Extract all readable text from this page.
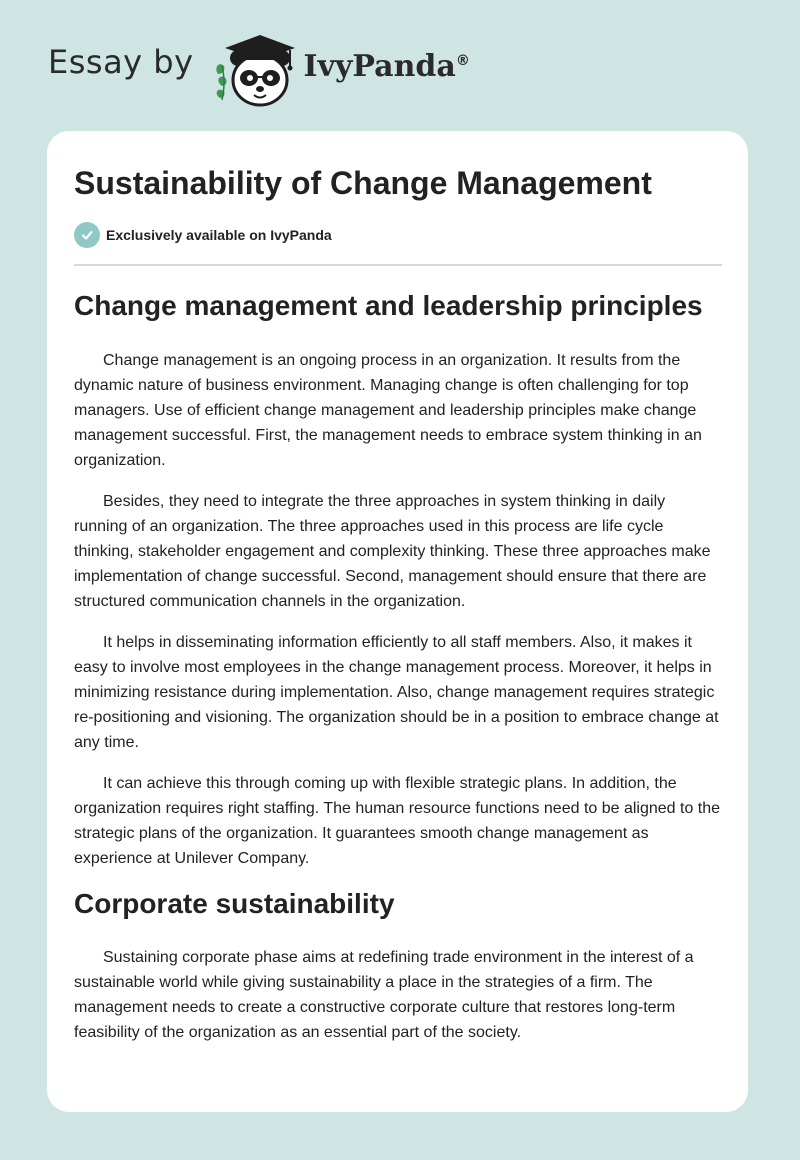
Essay by	IvyPanda®
Sustainability of Change Management
Exclusively available on IvyPanda
Change management and leadership principles

Change management is an ongoing process in an organization. It results from the dynamic nature of business environment. Managing change is often challenging for top managers. Use of efficient change management and leadership principles make change management successful. First, the management needs to embrace system thinking in an organization.

Besides, they need to integrate the three approaches in system thinking in daily running of an organization. The three approaches used in this process are life cycle thinking, stakeholder engagement and complexity thinking. These three approaches make implementation of change successful. Second, management should ensure that there are structured communication channels in the organization.

It helps in disseminating information efficiently to all staff members. Also, it makes it easy to involve most employees in the change management process. Moreover, it helps in minimizing resistance during implementation. Also, change management requires strategic re-positioning and visioning. The organization should be in a position to embrace change at any time.

It can achieve this through coming up with flexible strategic plans. In addition, the organization requires right staffing. The human resource functions need to be aligned to the strategic plans of the organization. It guarantees smooth change management as experience at Unilever Company.

Corporate sustainability

Sustaining corporate phase aims at redefining trade environment in the interest of a sustainable world while giving sustainability a place in the strategies of a firm. The management needs to create a constructive corporate culture that restores long-term feasibility of the organization as an essential part of the society.
